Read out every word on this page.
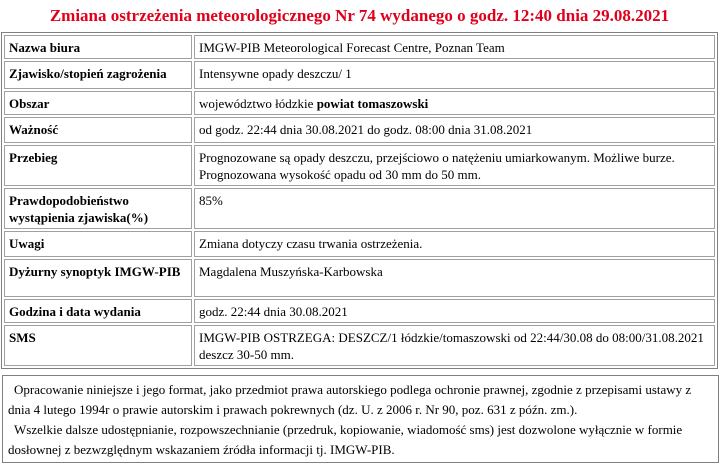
Zmiana ostrzeżenia meteorologicznego Nr 74 wydanego o godz. 12:40 dnia 29.08.2021
Nazwa biura	IMGW-PIB Meteorological Forecast Centre, Poznan Team
Zjawisko/stopień zagrożenia	Intensywne opady deszczu/ 1
Obszar	województwo łódzkie powiat tomaszowski
Ważność	od godz. 22:44 dnia 30.08.2021 do godz. 08:00 dnia 31.08.2021
Przebieg	Prognozowane są opady deszczu, przejściowo o natężeniu umiarkowanym. Możliwe burze. Prognozowana wysokość opadu od 30 mm do 50 mm.
Prawdopodobieństwo wystąpienia zjawiska(%)	85%
Uwagi	Zmiana dotyczy czasu trwania ostrzeżenia.
Dyżurny synoptyk IMGW-PIB	Magdalena Muszyńska-Karbowska
Godzina i data wydania	godz. 22:44 dnia 30.08.2021
SMS	IMGW-PIB OSTRZEGA: DESZCZ/1 łódzkie/tomaszowski od 22:44/30.08 do 08:00/31.08.2021 deszcz 30-50 mm.

Opracowanie niniejsze i jego format, jako przedmiot prawa autorskiego podlega ochronie prawnej, zgodnie z przepisami ustawy z dnia 4 lutego 1994r o prawie autorskim i prawach pokrewnych (dz. U. z 2006 r. Nr 90, poz. 631 z późn. zm.).

Wszelkie dalsze udostępnianie, rozpowszechnianie (przedruk, kopiowanie, wiadomość sms) jest dozwolone wyłącznie w formie dosłownej z bezwzględnym wskazaniem źródła informacji tj. IMGW-PIB.
